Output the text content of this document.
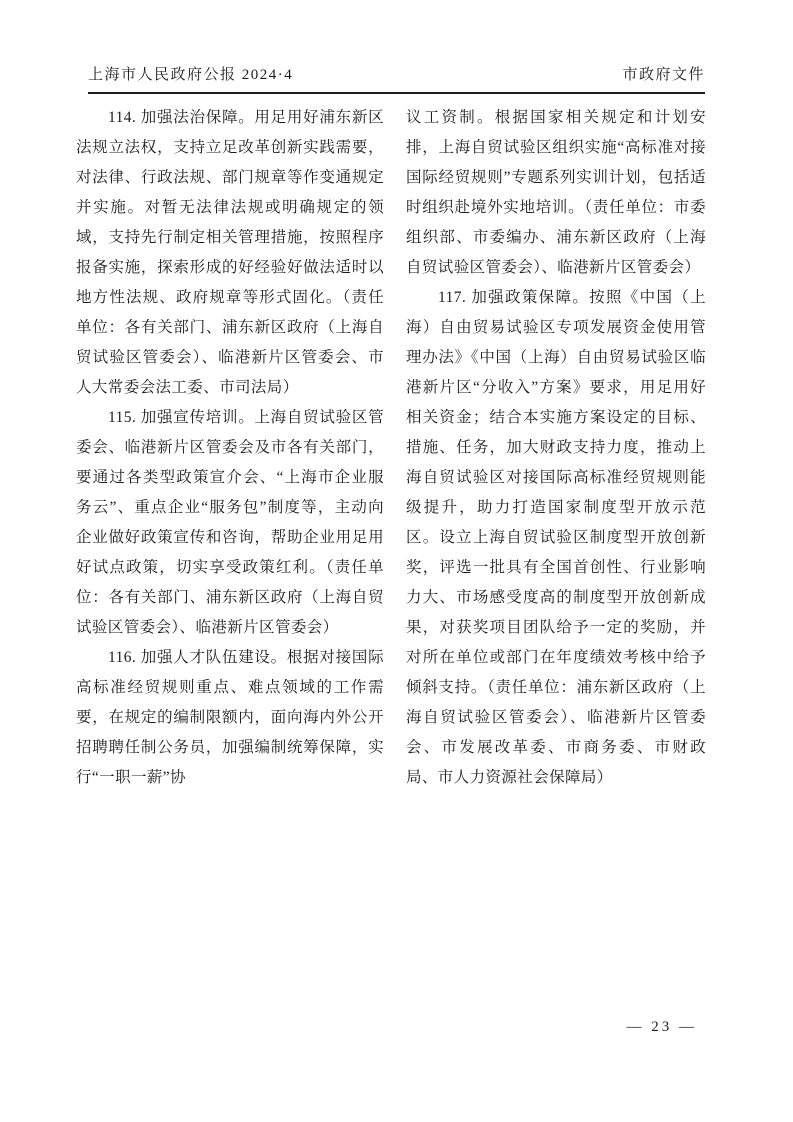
上海市人民政府公报 2024·4	市政府文件

114. 加强法治保障。用足用好浦东新区法规立法权，支持立足改革创新实践需要，对法律、行政法规、部门规章等作变通规定并实施。对暂无法律法规或明确规定的领域，支持先行制定相关管理措施，按照程序报备实施，探索形成的好经验好做法适时以地方性法规、政府规章等形式固化。（责任单位：各有关部门、浦东新区政府（上海自贸试验区管委会）、临港新片区管委会、市人大常委会法工委、市司法局）

115. 加强宣传培训。上海自贸试验区管委会、临港新片区管委会及市各有关部门，要通过各类型政策宣介会、“上海市企业服务云”、重点企业“服务包”制度等，主动向企业做好政策宣传和咨询，帮助企业用足用好试点政策，切实享受政策红利。（责任单位：各有关部门、浦东新区政府（上海自贸试验区管委会）、临港新片区管委会）

116. 加强人才队伍建设。根据对接国际高标准经贸规则重点、难点领域的工作需要，在规定的编制限额内，面向海内外公开招聘聘任制公务员，加强编制统筹保障，实行“一职一薪”协

议工资制。根据国家相关规定和计划安排，上海自贸试验区组织实施“高标准对接国际经贸规则”专题系列实训计划，包括适时组织赴境外实地培训。（责任单位：市委组织部、市委编办、浦东新区政府（上海自贸试验区管委会）、临港新片区管委会）

117. 加强政策保障。按照《中国（上海）自由贸易试验区专项发展资金使用管理办法》《中国（上海）自由贸易试验区临港新片区“分收入”方案》要求，用足用好相关资金；结合本实施方案设定的目标、措施、任务，加大财政支持力度，推动上海自贸试验区对接国际高标准经贸规则能级提升，助力打造国家制度型开放示范区。设立上海自贸试验区制度型开放创新奖，评选一批具有全国首创性、行业影响力大、市场感受度高的制度型开放创新成果，对获奖项目团队给予一定的奖励，并对所在单位或部门在年度绩效考核中给予倾斜支持。（责任单位：浦东新区政府（上海自贸试验区管委会）、临港新片区管委会、市发展改革委、市商务委、市财政局、市人力资源社会保障局）

— 23 —
